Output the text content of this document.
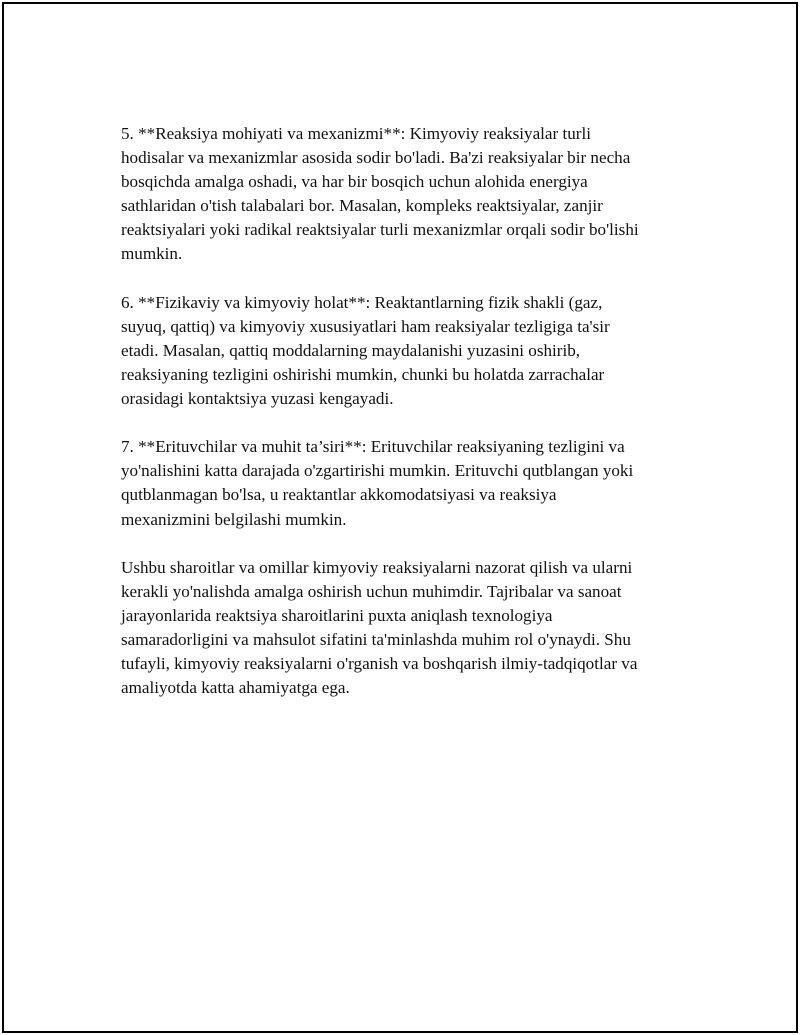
5. **Reaksiya mohiyati va mexanizmi**: Kimyoviy reaksiyalar turli
hodisalar va mexanizmlar asosida sodir bo'ladi. Ba'zi reaksiyalar bir necha
bosqichda amalga oshadi, va har bir bosqich uchun alohida energiya
sathlaridan o'tish talabalari bor. Masalan, kompleks reaktsiyalar, zanjir
reaktsiyalari yoki radikal reaktsiyalar turli mexanizmlar orqali sodir bo'lishi
mumkin.

6. **Fizikaviy va kimyoviy holat**: Reaktantlarning fizik shakli (gaz,
suyuq, qattiq) va kimyoviy xususiyatlari ham reaksiyalar tezligiga ta'sir
etadi. Masalan, qattiq moddalarning maydalanishi yuzasini oshirib,
reaksiyaning tezligini oshirishi mumkin, chunki bu holatda zarrachalar
orasidagi kontaktsiya yuzasi kengayadi.

7. **Erituvchilar va muhit ta’siri**: Erituvchilar reaksiyaning tezligini va
yo'nalishini katta darajada o'zgartirishi mumkin. Erituvchi qutblangan yoki
qutblanmagan bo'lsa, u reaktantlar akkomodatsiyasi va reaksiya
mexanizmini belgilashi mumkin.

Ushbu sharoitlar va omillar kimyoviy reaksiyalarni nazorat qilish va ularni
kerakli yo'nalishda amalga oshirish uchun muhimdir. Tajribalar va sanoat
jarayonlarida reaktsiya sharoitlarini puxta aniqlash texnologiya
samaradorligini va mahsulot sifatini ta'minlashda muhim rol o'ynaydi. Shu
tufayli, kimyoviy reaksiyalarni o'rganish va boshqarish ilmiy-tadqiqotlar va
amaliyotda katta ahamiyatga ega.
